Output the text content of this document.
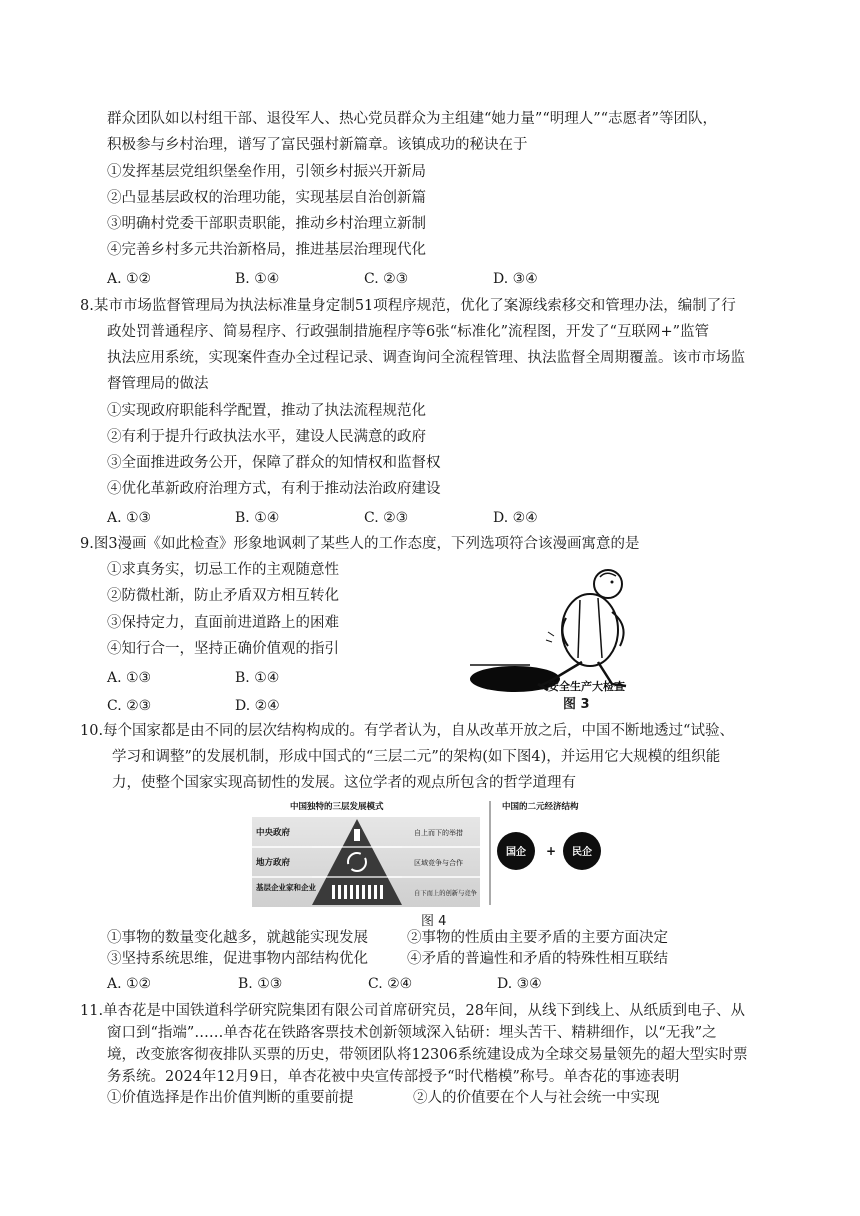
群众团队如以村组干部、退役军人、热心党员群众为主组建“她力量”“明理人”“志愿者”等团队，
积极参与乡村治理，谱写了富民强村新篇章。该镇成功的秘诀在于
①发挥基层党组织堡垒作用，引领乡村振兴开新局
②凸显基层政权的治理功能，实现基层自治创新篇
③明确村党委干部职责职能，推动乡村治理立新制
④完善乡村多元共治新格局，推进基层治理现代化
A. ①②	B. ①④	C. ②③	D. ③④
8.某市市场监督管理局为执法标准量身定制51项程序规范，优化了案源线索移交和管理办法，编制了行
政处罚普通程序、简易程序、行政强制措施程序等6张“标准化”流程图，开发了“互联网+”监管
执法应用系统，实现案件查办全过程记录、调查询问全流程管理、执法监督全周期覆盖。该市市场监
督管理局的做法
①实现政府职能科学配置，推动了执法流程规范化
②有利于提升行政执法水平，建设人民满意的政府
③全面推进政务公开，保障了群众的知情权和监督权
④优化革新政府治理方式，有利于推动法治政府建设
A. ①③	B. ①④	C. ②③	D. ②④
9.图3漫画《如此检查》形象地讽刺了某些人的工作态度，下列选项符合该漫画寓意的是
①求真务实，切忌工作的主观随意性
②防微杜渐，防止矛盾双方相互转化
③保持定力，直面前进道路上的困难
④知行合一，坚持正确价值观的指引
A. ①③	B. ①④
C. ②③	D. ②④
安全生产大检查
图 3
10.每个国家都是由不同的层次结构构成的。有学者认为，自从改革开放之后，中国不断地透过“试验、
学习和调整”的发展机制，形成中国式的“三层二元”的架构(如下图4)，并运用它大规模的组织能
力，使整个国家实现高韧性的发展。这位学者的观点所包含的哲学道理有
中国独特的三层发展模式
中央政府
地方政府
基层企业家和企业
自上而下的举措
区域竞争与合作
自下而上的创新与竞争
中国的二元经济结构
国企 + 民企
图 4
①事物的数量变化越多，就越能实现发展	②事物的性质由主要矛盾的主要方面决定
③坚持系统思维，促进事物内部结构优化	④矛盾的普遍性和矛盾的特殊性相互联结
A. ①②	B. ①③	C. ②④	D. ③④
11.单杏花是中国铁道科学研究院集团有限公司首席研究员，28年间，从线下到线上、从纸质到电子、从
窗口到“指端”……单杏花在铁路客票技术创新领域深入钻研：埋头苦干、精耕细作，以“无我”之
境，改变旅客彻夜排队买票的历史，带领团队将12306系统建设成为全球交易量领先的超大型实时票
务系统。2024年12月9日，单杏花被中央宣传部授予“时代楷模”称号。单杏花的事迹表明
①价值选择是作出价值判断的重要前提	②人的价值要在个人与社会统一中实现
